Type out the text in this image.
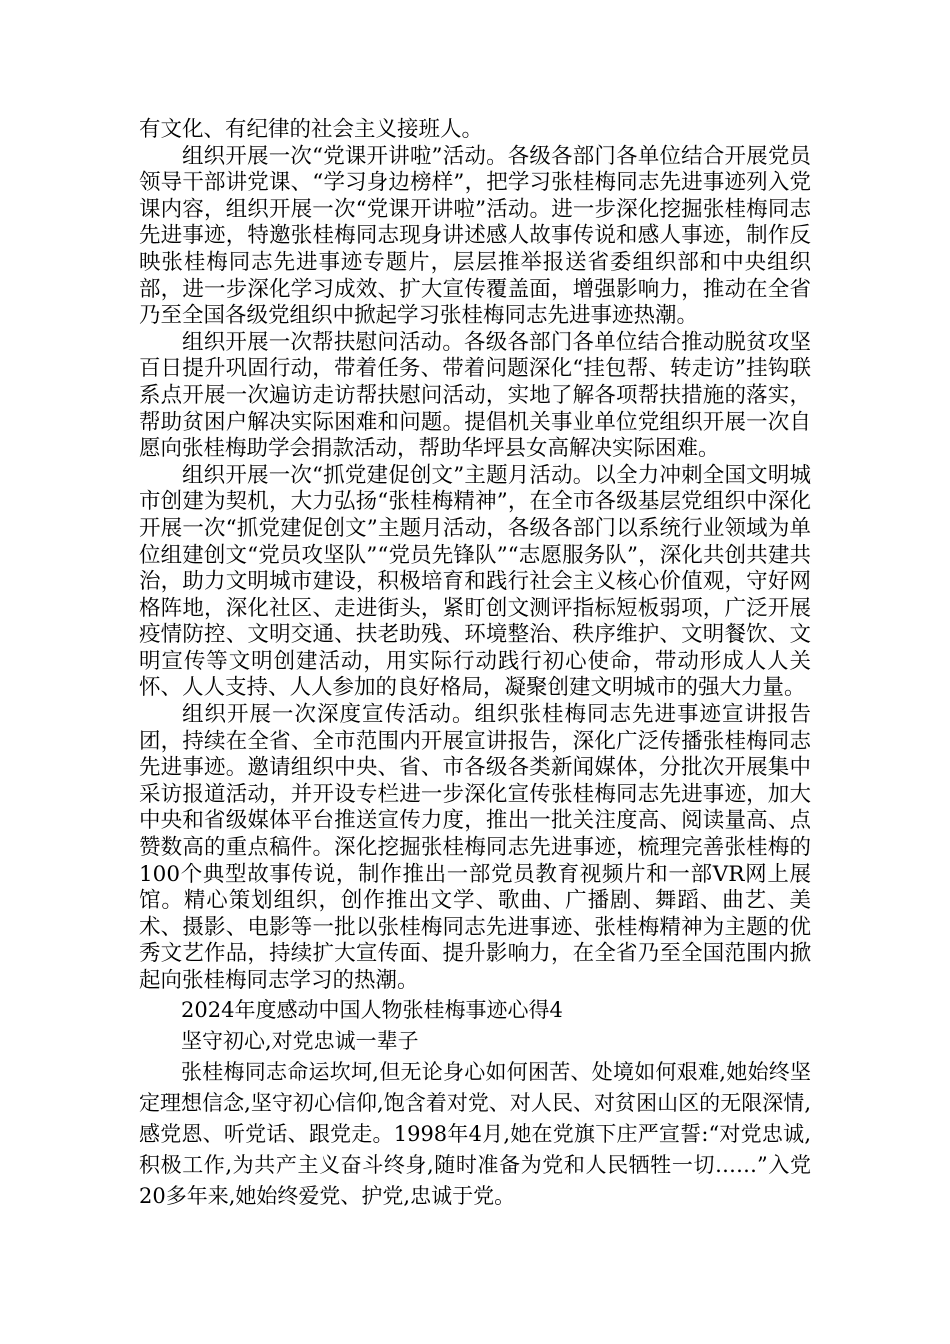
有文化、有纪律的社会主义接班人。

组织开展一次“党课开讲啦”活动。各级各部门各单位结合开展党员领导干部讲党课、“学习身边榜样”，把学习张桂梅同志先进事迹列入党课内容，组织开展一次“党课开讲啦”活动。进一步深化挖掘张桂梅同志先进事迹，特邀张桂梅同志现身讲述感人故事传说和感人事迹，制作反映张桂梅同志先进事迹专题片，层层推举报送省委组织部和中央组织部，进一步深化学习成效、扩大宣传覆盖面，增强影响力，推动在全省乃至全国各级党组织中掀起学习张桂梅同志先进事迹热潮。

组织开展一次帮扶慰问活动。各级各部门各单位结合推动脱贫攻坚百日提升巩固行动，带着任务、带着问题深化“挂包帮、转走访”挂钩联系点开展一次遍访走访帮扶慰问活动，实地了解各项帮扶措施的落实，帮助贫困户解决实际困难和问题。提倡机关事业单位党组织开展一次自愿向张桂梅助学会捐款活动，帮助华坪县女高解决实际困难。

组织开展一次“抓党建促创文”主题月活动。以全力冲刺全国文明城市创建为契机，大力弘扬“张桂梅精神”，在全市各级基层党组织中深化开展一次“抓党建促创文”主题月活动，各级各部门以系统行业领域为单位组建创文“党员攻坚队”“党员先锋队”“志愿服务队”，深化共创共建共治，助力文明城市建设，积极培育和践行社会主义核心价值观，守好网格阵地，深化社区、走进街头，紧盯创文测评指标短板弱项，广泛开展疫情防控、文明交通、扶老助残、环境整治、秩序维护、文明餐饮、文明宣传等文明创建活动，用实际行动践行初心使命，带动形成人人关怀、人人支持、人人参加的良好格局，凝聚创建文明城市的强大力量。

组织开展一次深度宣传活动。组织张桂梅同志先进事迹宣讲报告团，持续在全省、全市范围内开展宣讲报告，深化广泛传播张桂梅同志先进事迹。邀请组织中央、省、市各级各类新闻媒体，分批次开展集中采访报道活动，并开设专栏进一步深化宣传张桂梅同志先进事迹，加大中央和省级媒体平台推送宣传力度，推出一批关注度高、阅读量高、点赞数高的重点稿件。深化挖掘张桂梅同志先进事迹，梳理完善张桂梅的100个典型故事传说，制作推出一部党员教育视频片和一部VR网上展馆。精心策划组织，创作推出文学、歌曲、广播剧、舞蹈、曲艺、美术、摄影、电影等一批以张桂梅同志先进事迹、张桂梅精神为主题的优秀文艺作品，持续扩大宣传面、提升影响力，在全省乃至全国范围内掀起向张桂梅同志学习的热潮。

2024年度感动中国人物张桂梅事迹心得4

坚守初心,对党忠诚一辈子

张桂梅同志命运坎坷,但无论身心如何困苦、处境如何艰难,她始终坚定理想信念,坚守初心信仰,饱含着对党、对人民、对贫困山区的无限深情,感党恩、听党话、跟党走。1998年4月,她在党旗下庄严宣誓:“对党忠诚,积极工作,为共产主义奋斗终身,随时准备为党和人民牺牲一切……”入党20多年来,她始终爱党、护党,忠诚于党。
